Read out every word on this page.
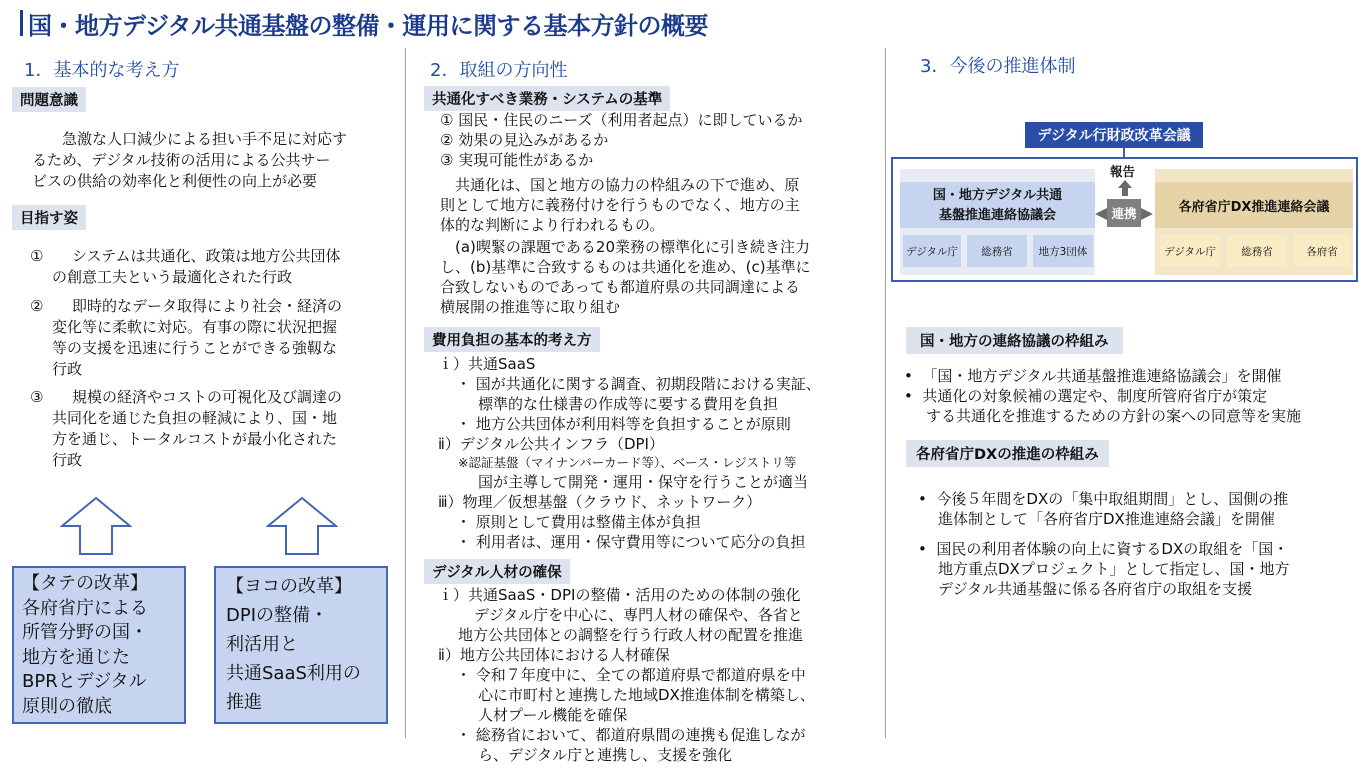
国・地方デジタル共通基盤の整備・運用に関する基本方針の概要
1．基本的な考え方
問題意識
急激な人口減少による担い手不足に対応す
るため、デジタル技術の活用による公共サー
ビスの供給の効率化と利便性の向上が必要
目指す姿
①	システムは共通化、政策は地方公共団体
の創意工夫という最適化された行政
②	即時的なデータ取得により社会・経済の
変化等に柔軟に対応。有事の際に状況把握
等の支援を迅速に行うことができる強靱な
行政
③	規模の経済やコストの可視化及び調達の
共同化を通じた負担の軽減により、国・地
方を通じ、トータルコストが最小化された
行政
【タテの改革】
各府省庁による
所管分野の国・
地方を通じた
BPRとデジタル
原則の徹底
【ヨコの改革】
DPIの整備・
利活用と
共通SaaS利用の
推進
2．取組の方向性
共通化すべき業務・システムの基準
① 国民・住民のニーズ（利用者起点）に即しているか
② 効果の見込みがあるか
③ 実現可能性があるか
　共通化は、国と地方の協力の枠組みの下で進め、原
則として地方に義務付けを行うものでなく、地方の主
体的な判断により行われるもの。
　(a)喫緊の課題である20業務の標準化に引き続き注力
し、(b)基準に合致するものは共通化を進め、(c)基準に
合致しないものであっても都道府県の共同調達による
横展開の推進等に取り組む
費用負担の基本的考え方
ｉ）共通SaaS
・ 国が共通化に関する調査、初期段階における実証、
標準的な仕様書の作成等に要する費用を負担
・ 地方公共団体が利用料等を負担することが原則
ⅱ）デジタル公共インフラ（DPI）
※認証基盤（マイナンバーカード等）、ベース・レジストリ等
国が主導して開発・運用・保守を行うことが適当
ⅲ）物理／仮想基盤（クラウド、ネットワーク）
・ 原則として費用は整備主体が負担
・ 利用者は、運用・保守費用等について応分の負担
デジタル人材の確保
ｉ）共通SaaS・DPIの整備・活用のための体制の強化
デジタル庁を中心に、専門人材の確保や、各省と
地方公共団体との調整を行う行政人材の配置を推進
ⅱ）地方公共団体における人材確保
・ 令和７年度中に、全ての都道府県で都道府県を中
心に市町村と連携した地域DX推進体制を構築し、
人材プール機能を確保
・ 総務省において、都道府県間の連携も促進しなが
ら、デジタル庁と連携し、支援を強化
3．今後の推進体制
デジタル行財政改革会議
報告
国・地方デジタル共通
基盤推進連絡協議会
デジタル庁	総務省	地方3団体
連携	各府省庁DX推進連絡会議
デジタル庁	総務省	各府省
国・地方の連絡協議の枠組み
•  「国・地方デジタル共通基盤推進連絡協議会」を開催
•  共通化の対象候補の選定や、制度所管府省庁が策定
する共通化を推進するための方針の案への同意等を実施
各府省庁DXの推進の枠組み
•  今後５年間をDXの「集中取組期間」とし、国側の推
進体制として「各府省庁DX推進連絡会議」を開催
•  国民の利用者体験の向上に資するDXの取組を「国・
地方重点DXプロジェクト」として指定し、国・地方
デジタル共通基盤に係る各府省庁の取組を支援
